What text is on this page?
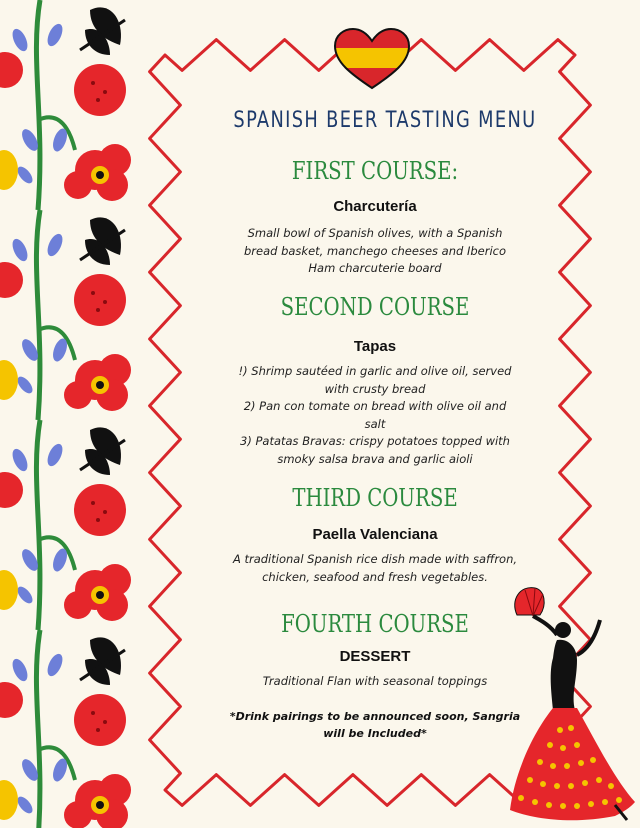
SPANISH BEER TASTING MENU
FIRST COURSE:
Charcutería
Small bowl of Spanish olives, with a Spanish
bread basket, manchego cheeses and Iberico
Ham charcuterie board
SECOND COURSE
Tapas
!) Shrimp sautéed in garlic and olive oil, served
with crusty bread
2) Pan con tomate on bread with olive oil and
salt
3) Patatas Bravas: crispy potatoes topped with
smoky salsa brava and garlic aioli
THIRD COURSE
Paella Valenciana
A traditional Spanish rice dish made with saffron,
chicken, seafood and fresh vegetables.
FOURTH COURSE
DESSERT
Traditional Flan with seasonal toppings
*Drink pairings to be announced soon, Sangria
will be Included*
